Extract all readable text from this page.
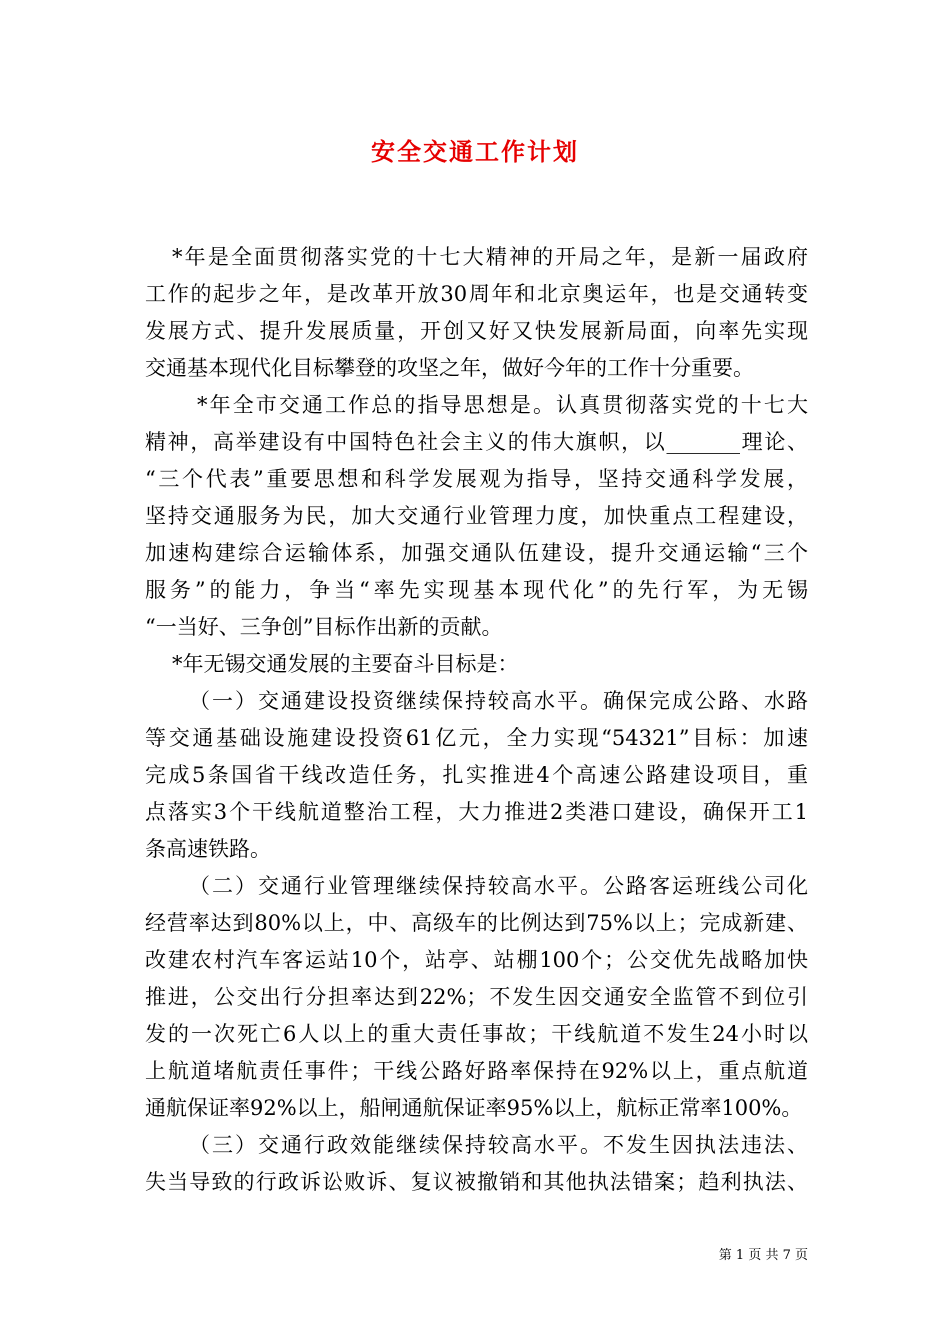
安全交通工作计划
*年是全面贯彻落实党的十七大精神的开局之年，是新一届政府
工作的起步之年，是改革开放30周年和北京奥运年，也是交通转变
发展方式、提升发展质量，开创又好又快发展新局面，向率先实现
交通基本现代化目标攀登的攻坚之年，做好今年的工作十分重要。
*年全市交通工作总的指导思想是。认真贯彻落实党的十七大
精神，高举建设有中国特色社会主义的伟大旗帜，以_______理论、
“三个代表”重要思想和科学发展观为指导，坚持交通科学发展，
坚持交通服务为民，加大交通行业管理力度，加快重点工程建设，
加速构建综合运输体系，加强交通队伍建设，提升交通运输“三个
服务”的能力，争当“率先实现基本现代化”的先行军，为无锡
“一当好、三争创”目标作出新的贡献。
*年无锡交通发展的主要奋斗目标是：
（一）交通建设投资继续保持较高水平。确保完成公路、水路
等交通基础设施建设投资61亿元，全力实现“54321”目标：加速
完成5条国省干线改造任务，扎实推进4个高速公路建设项目，重
点落实3个干线航道整治工程，大力推进2类港口建设，确保开工1
条高速铁路。
（二）交通行业管理继续保持较高水平。公路客运班线公司化
经营率达到80%以上，中、高级车的比例达到75%以上；完成新建、
改建农村汽车客运站10个，站亭、站棚100个；公交优先战略加快
推进，公交出行分担率达到22%；不发生因交通安全监管不到位引
发的一次死亡6人以上的重大责任事故；干线航道不发生24小时以
上航道堵航责任事件；干线公路好路率保持在92%以上，重点航道
通航保证率92%以上，船闸通航保证率95%以上，航标正常率100%。
（三）交通行政效能继续保持较高水平。不发生因执法违法、
失当导致的行政诉讼败诉、复议被撤销和其他执法错案；趋利执法、
第 1 页 共 7 页
